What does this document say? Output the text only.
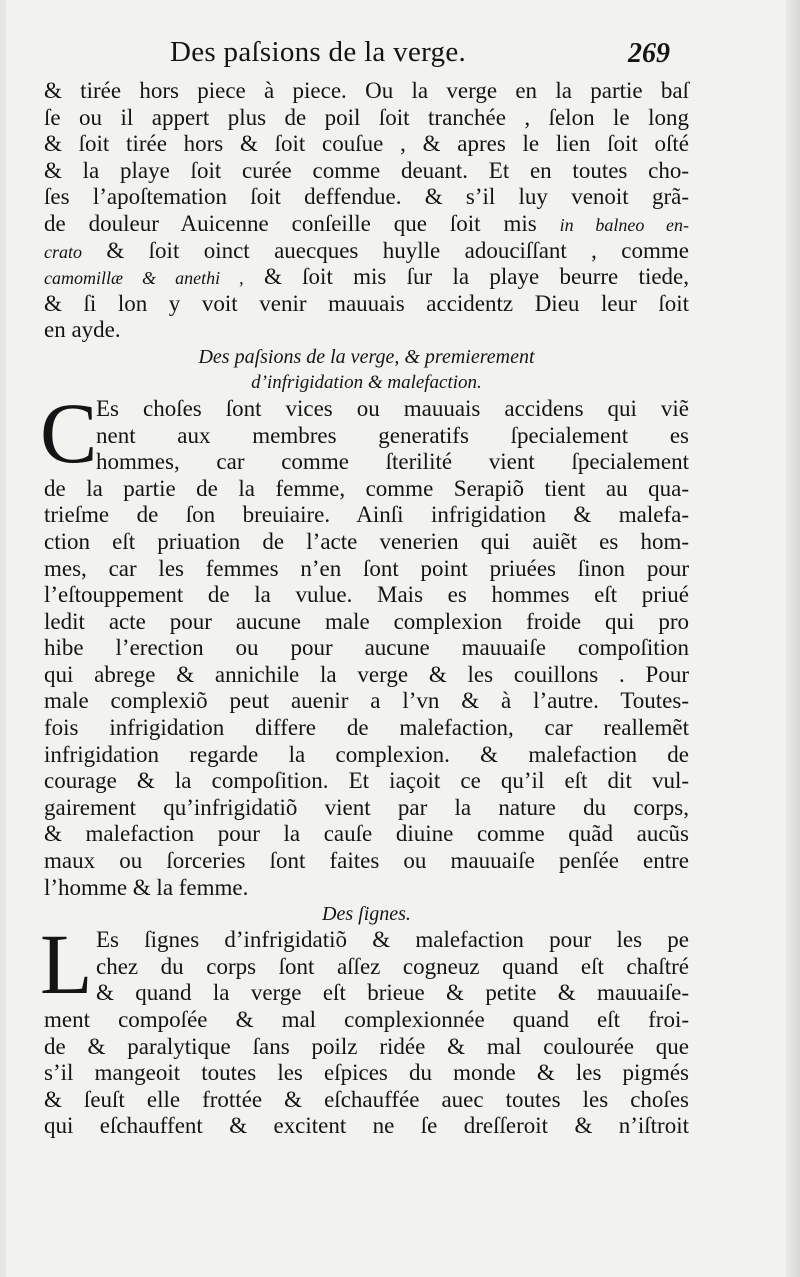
Des paſsions de la verge.	269
& tirée hors piece à piece. Ou la verge en la partie baſ
ſe ou il appert plus de poil ſoit tranchée , ſelon le long
& ſoit tirée hors & ſoit couſue , & apres le lien ſoit oſté
& la playe ſoit curée comme deuant. Et en toutes cho-
ſes l’apoſtemation ſoit deffendue. & s’il luy venoit grã-
de douleur Auicenne conſeille que ſoit mis in balneo en-
crato & ſoit oinct auecques huylle adouciſſant , comme
camomillæ & anethi , & ſoit mis ſur la playe beurre tiede,
& ſi lon y voit venir mauuais accidentz Dieu leur ſoit
en ayde.
Des paſsions de la verge, & premierement
d’infrigidation & malefaction.
C
Es choſes ſont vices ou mauuais accidens qui viẽ
nent aux membres generatifs ſpecialement es
hommes, car comme ſterilité vient ſpecialement
de la partie de la femme, comme Serapiõ tient au qua-
trieſme de ſon breuiaire. Ainſi infrigidation & malefa-
ction eſt priuation de l’acte venerien qui auiẽt es hom-
mes, car les femmes n’en ſont point priuées ſinon pour
l’eſtouppement de la vulue. Mais es hommes eſt priué
ledit acte pour aucune male complexion froide qui pro
hibe l’erection ou pour aucune mauuaiſe compoſition
qui abrege & annichile la verge & les couillons . Pour
male complexiõ peut auenir a l’vn & à l’autre. Toutes-
fois infrigidation differe de malefaction, car reallemẽt
infrigidation regarde la complexion. & malefaction de
courage & la compoſition. Et iaçoit ce qu’il eſt dit vul-
gairement qu’infrigidatiõ vient par la nature du corps,
& malefaction pour la cauſe diuine comme quãd aucũs
maux ou ſorceries ſont faites ou mauuaiſe penſée entre
l’homme & la femme.
Des ſignes.
L Es ſignes d’infrigidatiõ & malefaction pour les pe
chez du corps ſont aſſez cogneuz quand eſt chaſtré
& quand la verge eſt brieue & petite & mauuaiſe-
ment compoſée & mal complexionnée quand eſt froi-
de & paralytique ſans poilz ridée & mal coulourée que
s’il mangeoit toutes les eſpices du monde & les pigmés
& ſeuſt elle frottée & eſchauffée auec toutes les choſes
qui eſchauffent & excitent ne ſe dreſſeroit & n’iſtroit
